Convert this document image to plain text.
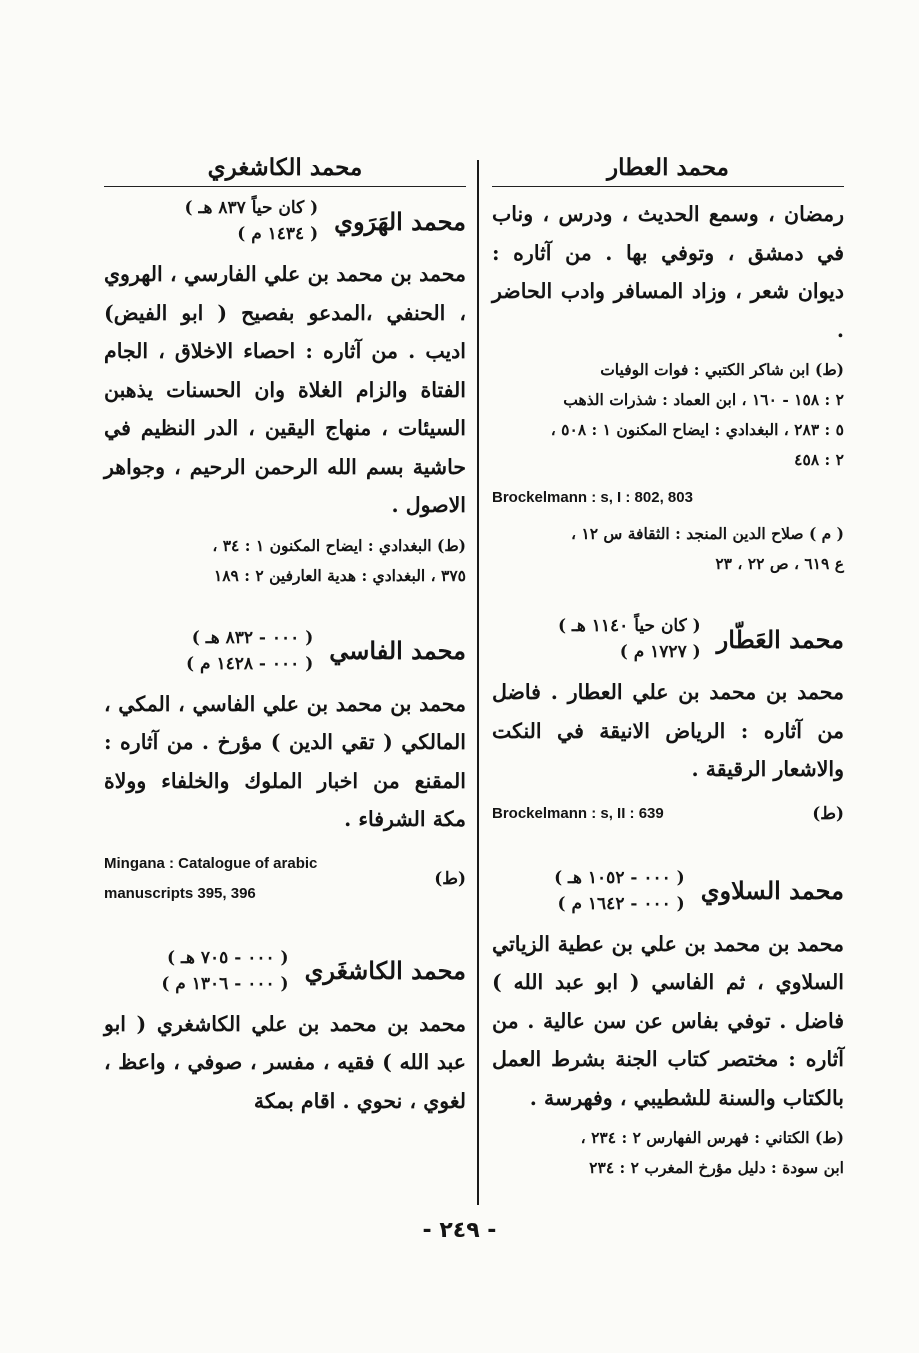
محمد الكاشغري
محمد الهَرَوي
( كان حياً ٨٣٧ هـ )
( ١٤٣٤ م )

محمد بن محمد بن علي الفارسي ، الهروي ، الحنفي ،المدعو بفصيح ( ابو الفيض) اديب . من آثاره : احصاء الاخلاق ، الجام الفتاة والزام الغلاة وان الحسنات يذهبن السيئات ، منهاج اليقين ، الدر النظيم في حاشية بسم الله الرحمن الرحيم ، وجواهر الاصول .

(ط) البغدادي : ايضاح المكنون ١ : ٣٤ ،
٣٧٥ ، البغدادي : هدية العارفين ٢ : ١٨٩
محمد الفاسي
( ٠٠٠ - ٨٣٢ هـ )
( ٠٠٠ - ١٤٢٨ م )

محمد بن محمد بن علي الفاسي ، المكي ، المالكي ( تقي الدين ) مؤرخ . من آثاره : المقنع من اخبار الملوك والخلفاء وولاة مكة الشرفاء .

(ط)
Mingana : Catalogue of arabic manuscripts 395, 396
محمد الكاشغَري
( ٠٠٠ - ٧٠٥ هـ )
( ٠٠٠ - ١٣٠٦ م )

محمد بن محمد بن علي الكاشغري ( ابو عبد الله ) فقيه ، مفسر ، صوفي ، واعظ ، لغوي ، نحوي . اقام بمكة

محمد العطار

رمضان ، وسمع الحديث ، ودرس ، وناب في دمشق ، وتوفي بها . من آثاره : ديوان شعر ، وزاد المسافر وادب الحاضر .

(ط) ابن شاكر الكتبي : فوات الوفيات
٢ : ١٥٨ - ١٦٠ ، ابن العماد : شذرات الذهب
٥ : ٢٨٣ ، البغدادي : ايضاح المكنون ١ : ٥٠٨ ،
٢ : ٤٥٨
Brockelmann : s, I : 802, 803
( م ) صلاح الدين المنجد : الثقافة س ١٢ ،
ع ٦١٩ ، ص ٢٢ ، ٢٣
محمد العَطّار
( كان حياً ١١٤٠ هـ )
( ١٧٢٧ م )

محمد بن محمد بن علي العطار . فاضل من آثاره : الرياض الانيقة في النكت والاشعار الرقيقة .

(ط)
Brockelmann : s, II : 639
محمد السلاوي
( ٠٠٠ - ١٠٥٢ هـ )
( ٠٠٠ - ١٦٤٢ م )

محمد بن محمد بن علي بن عطية الزياتي السلاوي ، ثم الفاسي ( ابو عبد الله ) فاضل . توفي بفاس عن سن عالية . من آثاره : مختصر كتاب الجنة بشرط العمل بالكتاب والسنة للشطيبي ، وفهرسة .

(ط) الكتاني : فهرس الفهارس ٢ : ٢٣٤ ،
ابن سودة : دليل مؤرخ المغرب ٢ : ٢٣٤
- ٢٤٩ -
